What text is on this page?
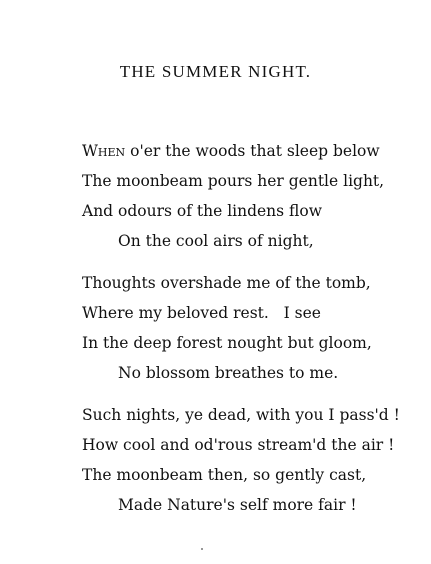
THE SUMMER NIGHT.
When o'er the woods that sleep below
The moonbeam pours her gentle light,
And odours of the lindens flow
On the cool airs of night,
Thoughts overshade me of the tomb,
Where my beloved rest.   I see
In the deep forest nought but gloom,
No blossom breathes to me.
Such nights, ye dead, with you I pass'd !
How cool and od'rous stream'd the air !
The moonbeam then, so gently cast,
Made Nature's self more fair !
